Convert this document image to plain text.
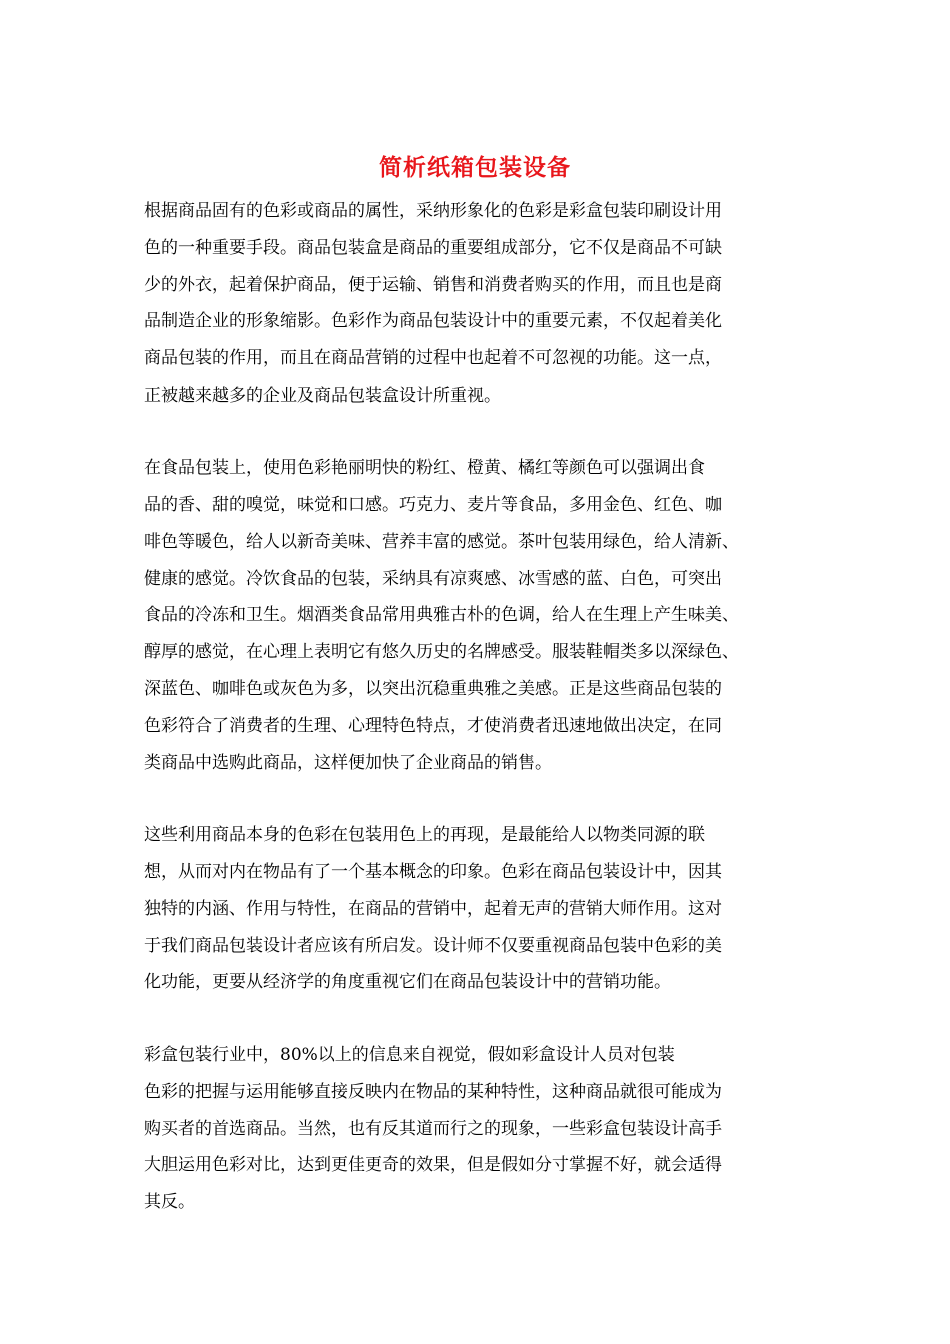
简析纸箱包装设备
根据商品固有的色彩或商品的属性，采纳形象化的色彩是彩盒包装印刷设计用
色的一种重要手段。商品包装盒是商品的重要组成部分，它不仅是商品不可缺
少的外衣，起着保护商品，便于运输、销售和消费者购买的作用，而且也是商
品制造企业的形象缩影。色彩作为商品包装设计中的重要元素，不仅起着美化
商品包装的作用，而且在商品营销的过程中也起着不可忽视的功能。这一点，
正被越来越多的企业及商品包装盒设计所重视。
在食品包装上，使用色彩艳丽明快的粉红、橙黄、橘红等颜色可以强调出食
品的香、甜的嗅觉，味觉和口感。巧克力、麦片等食品，多用金色、红色、咖
啡色等暖色，给人以新奇美味、营养丰富的感觉。茶叶包装用绿色，给人清新、
健康的感觉。冷饮食品的包装，采纳具有凉爽感、冰雪感的蓝、白色，可突出
食品的冷冻和卫生。烟酒类食品常用典雅古朴的色调，给人在生理上产生味美、
醇厚的感觉，在心理上表明它有悠久历史的名牌感受。服装鞋帽类多以深绿色、
深蓝色、咖啡色或灰色为多，以突出沉稳重典雅之美感。正是这些商品包装的
色彩符合了消费者的生理、心理特色特点，才使消费者迅速地做出决定，在同
类商品中选购此商品，这样便加快了企业商品的销售。
这些利用商品本身的色彩在包装用色上的再现，是最能给人以物类同源的联
想，从而对内在物品有了一个基本概念的印象。色彩在商品包装设计中，因其
独特的内涵、作用与特性，在商品的营销中，起着无声的营销大师作用。这对
于我们商品包装设计者应该有所启发。设计师不仅要重视商品包装中色彩的美
化功能，更要从经济学的角度重视它们在商品包装设计中的营销功能。
彩盒包装行业中，80%以上的信息来自视觉，假如彩盒设计人员对包装
色彩的把握与运用能够直接反映内在物品的某种特性，这种商品就很可能成为
购买者的首选商品。当然，也有反其道而行之的现象，一些彩盒包装设计高手
大胆运用色彩对比，达到更佳更奇的效果，但是假如分寸掌握不好，就会适得
其反。
